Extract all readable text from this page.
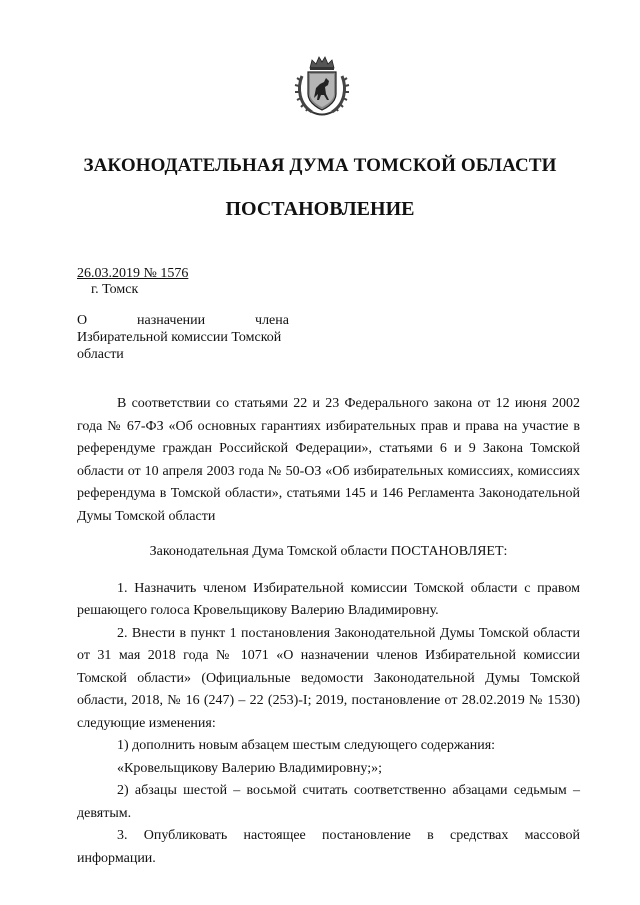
ЗАКОНОДАТЕЛЬНАЯ ДУМА ТОМСКОЙ ОБЛАСТИ
ПОСТАНОВЛЕНИЕ
26.03.2019 № 1576
г. Томск
О	назначении	члена
Избирательной комиссии Томской
области

В соответствии со статьями 22 и 23 Федерального закона от 12 июня 2002 года № 67-ФЗ «Об основных гарантиях избирательных прав и права на участие в референдуме граждан Российской Федерации», статьями 6 и 9 Закона Томской области от 10 апреля 2003 года № 50-ОЗ «Об избирательных комиссиях, комиссиях референдума в Томской области», статьями 145 и 146 Регламента Законодательной Думы Томской области

Законодательная Дума Томской области ПОСТАНОВЛЯЕТ:

1. Назначить членом Избирательной комиссии Томской области с правом решающего голоса Кровельщикову Валерию Владимировну.

2. Внести в пункт 1 постановления Законодательной Думы Томской области от 31 мая 2018 года № 1071 «О назначении членов Избирательной комиссии Томской области» (Официальные ведомости Законодательной Думы Томской области, 2018, № 16 (247) – 22 (253)-I; 2019, постановление от 28.02.2019 № 1530) следующие изменения:

1) дополнить новым абзацем шестым следующего содержания:

«Кровельщикову Валерию Владимировну;»;

2) абзацы шестой – восьмой считать соответственно абзацами седьмым – девятым.

3. Опубликовать настоящее постановление в средствах массовой информации.
